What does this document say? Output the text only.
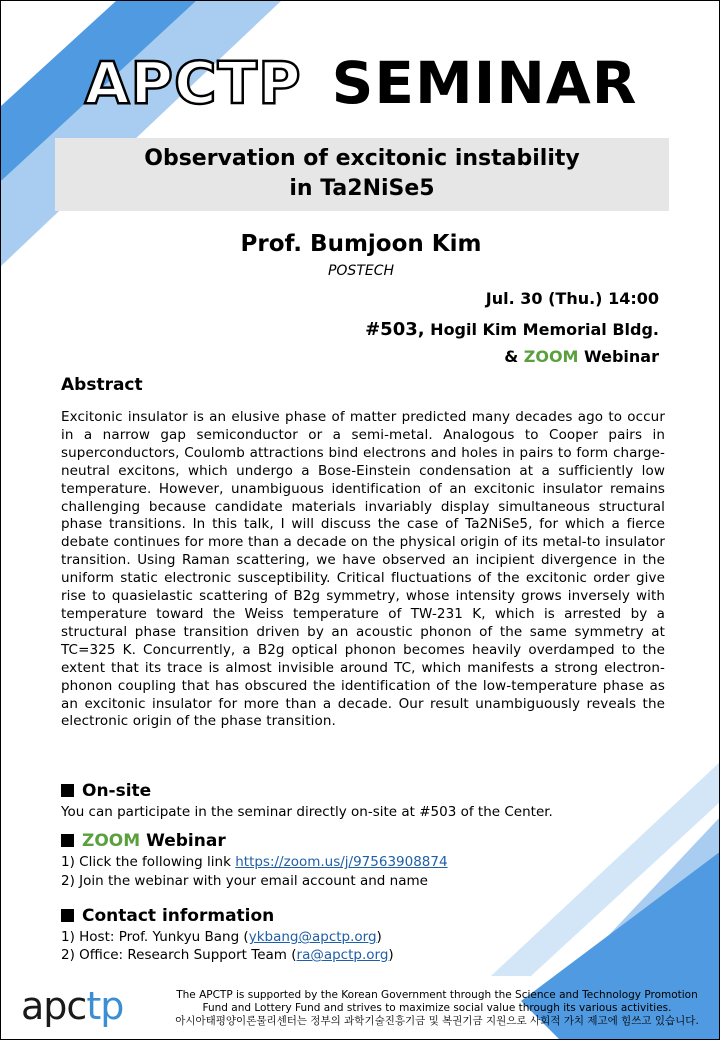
APCTP SEMINAR
Observation of excitonic instability
in Ta2NiSe5
Prof. Bumjoon Kim
POSTECH
Jul. 30 (Thu.) 14:00
#503, Hogil Kim Memorial Bldg.
& ZOOM Webinar
Abstract
Excitonic insulator is an elusive phase of matter predicted many decades ago to occur in a narrow gap semiconductor or a semi-metal. Analogous to Cooper pairs in superconductors, Coulomb attractions bind electrons and holes in pairs to form charge-neutral excitons, which undergo a Bose-Einstein condensation at a sufficiently low temperature. However, unambiguous identification of an excitonic insulator remains challenging because candidate materials invariably display simultaneous structural phase transitions. In this talk, I will discuss the case of Ta2NiSe5, for which a fierce debate continues for more than a decade on the physical origin of its metal-to insulator transition. Using Raman scattering, we have observed an incipient divergence in the uniform static electronic susceptibility. Critical fluctuations of the excitonic order give rise to quasielastic scattering of B2g symmetry, whose intensity grows inversely with temperature toward the Weiss temperature of TW-231 K, which is arrested by a structural phase transition driven by an acoustic phonon of the same symmetry at TC=325 K. Concurrently, a B2g optical phonon becomes heavily overdamped to the extent that its trace is almost invisible around TC, which manifests a strong electron-phonon coupling that has obscured the identification of the low-temperature phase as an excitonic insulator for more than a decade. Our result unambiguously reveals the electronic origin of the phase transition.
On-site
You can participate in the seminar directly on-site at #503 of the Center.
ZOOM Webinar
1) Click the following link https://zoom.us/j/97563908874
2) Join the webinar with your email account and name
Contact information
1) Host: Prof. Yunkyu Bang (ykbang@apctp.org)
2) Office: Research Support Team (ra@apctp.org)
apctp	The APCTP is supported by the Korean Government through the Science and Technology Promotion
Fund and Lottery Fund and strives to maximize social value through its various activities.
아시아태평양이론물리센터는 정부의 과학기술진흥기금 및 복권기금 지원으로 사회적 가치 제고에 힘쓰고 있습니다.
